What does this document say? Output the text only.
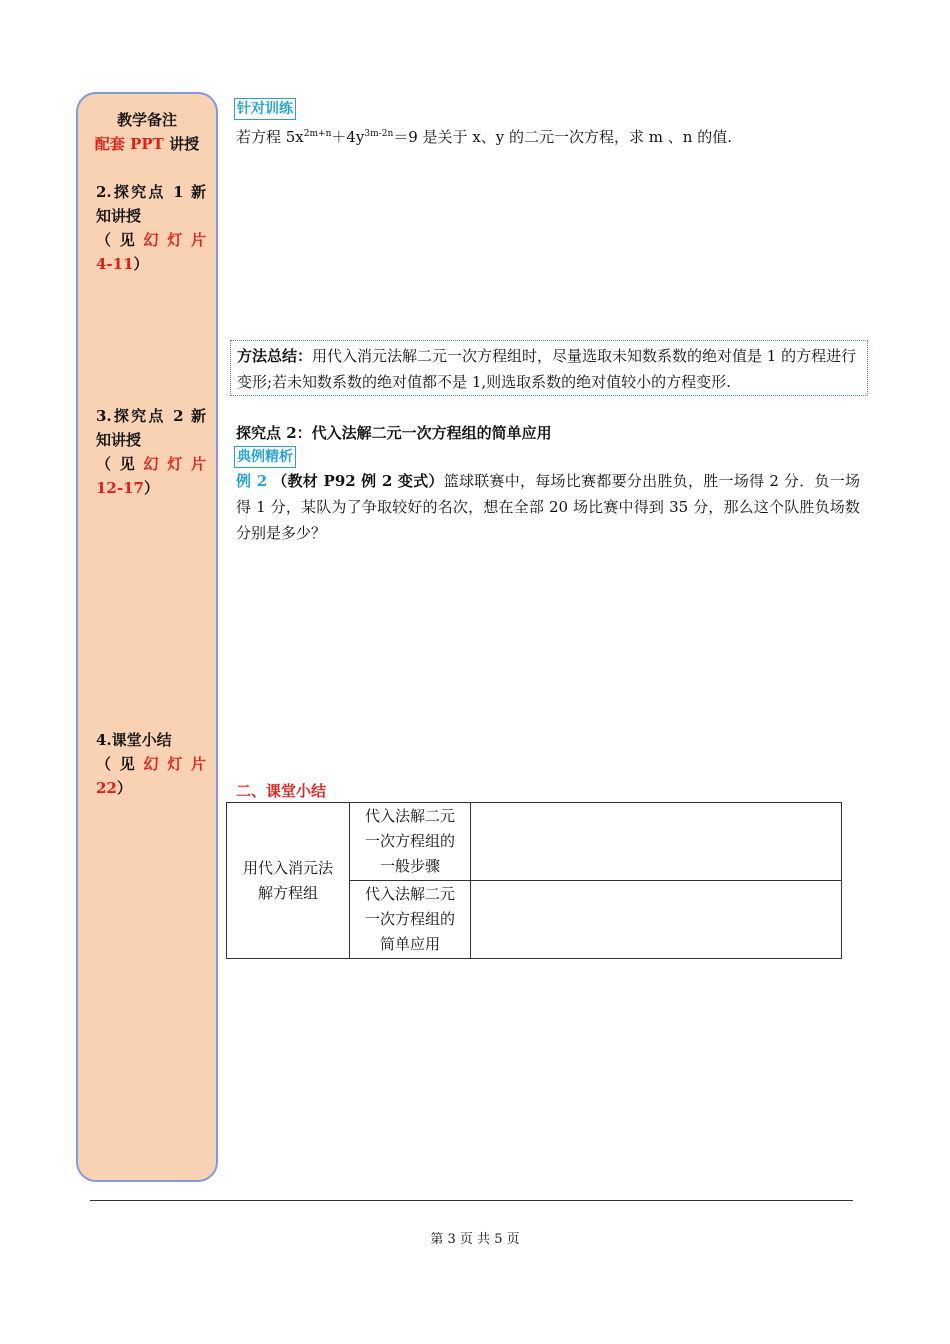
教学备注
配套 PPT 讲授
2.探究点 1 新
知讲授
（见幻灯片
4-11）
3.探究点 2 新
知讲授
（见幻灯片
12-17）
4.课堂小结
（见幻灯片
22）
针对训练
若方程 $5x^{2m+n}+4y^{3m-2n}=9$ 是关于 x、y 的二元一次方程，求 m 、n 的值.
方法总结：用代入消元法解二元一次方程组时，尽量选取未知数系数的绝对值是 1 的方程进行变形;若未知数系数的绝对值都不是 1,则选取系数的绝对值较小的方程变形.
探究点 2：代入法解二元一次方程组的简单应用
典例精析
例 2 （教材 P92 例 2 变式）篮球联赛中，每场比赛都要分出胜负，胜一场得 2 分．负一场得 1 分，某队为了争取较好的名次，想在全部 20 场比赛中得到 35 分，那么这个队胜负场数分别是多少？
二、课堂小结
用代入消元法解方程组	代入法解二元一次方程组的一般步骤	

	代入法解二元一次方程组的简单应用	

第 3 页 共 5 页
